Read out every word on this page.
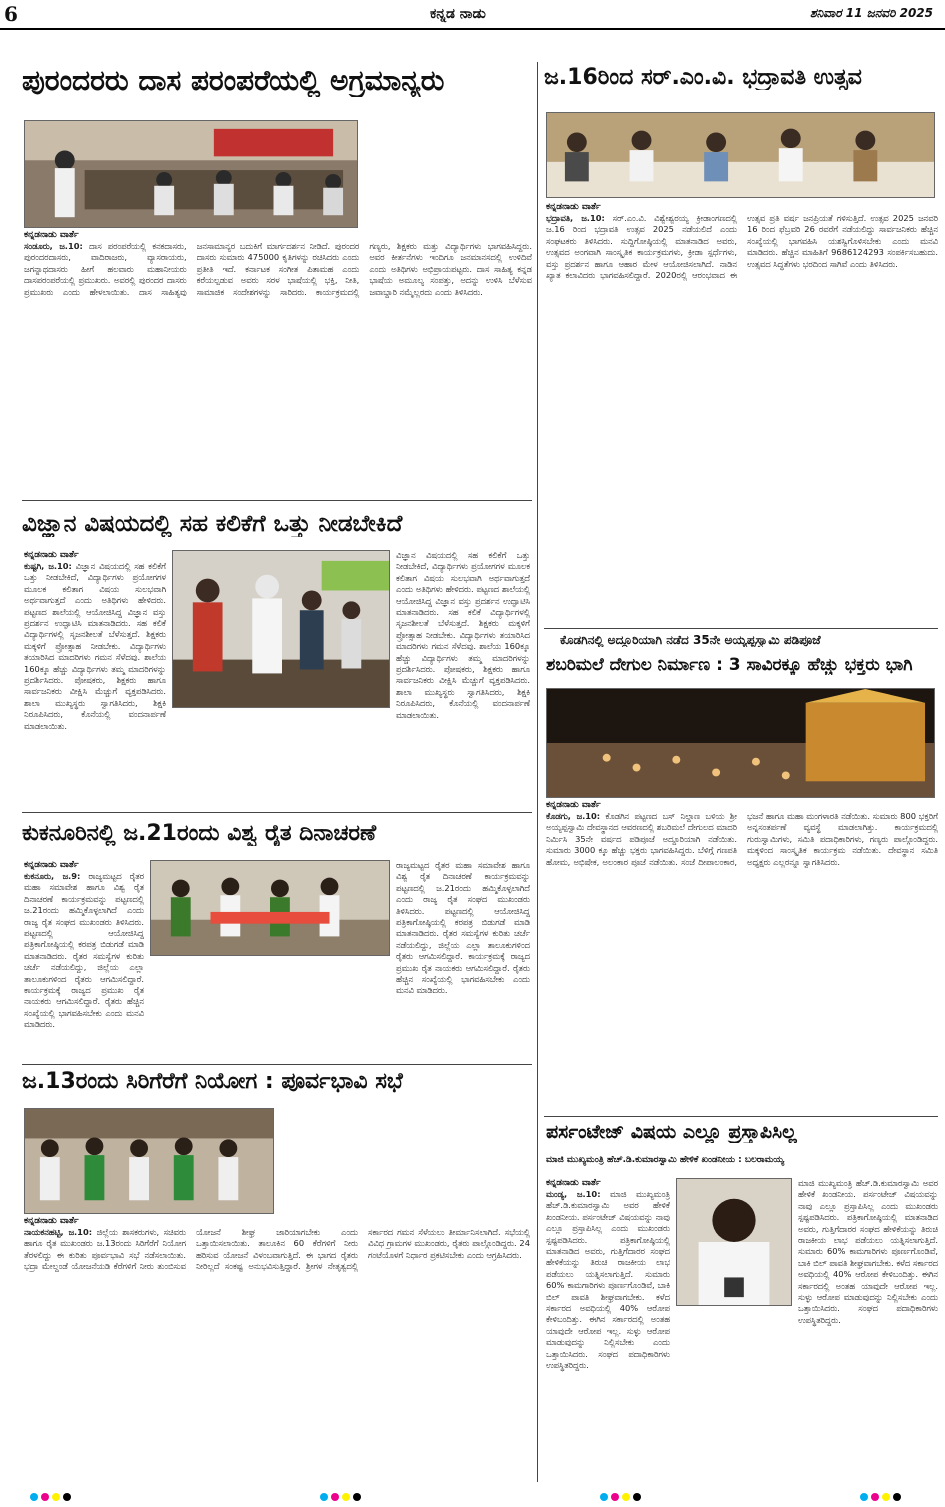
6	ಕನ್ನಡ ನಾಡು	ಶನಿವಾರ 11 ಜನವರಿ 2025
ಪುರಂದರರು ದಾಸ ಪರಂಪರೆಯಲ್ಲಿ ಅಗ್ರಮಾನ್ಯರು
ಕನ್ನಡನಾಡು ವಾರ್ತೆ
ಸಂಡೂರು, ಜ.10: ದಾಸ ಪರಂಪರೆಯಲ್ಲಿ ಕನಕದಾಸರು, ಪುರಂದರದಾಸರು, ವಾದಿರಾಜರು, ವ್ಯಾಸರಾಯರು, ಜಗನ್ನಾಥದಾಸರು ಹೀಗೆ ಹಲವಾರು ಮಹಾನೀಯರು ದಾಸಪರಂಪರೆಯಲ್ಲಿ ಪ್ರಮುಖರು. ಅವರಲ್ಲಿ ಪುರಂದರ ದಾಸರು ಪ್ರಮುಖರು ಎಂದು ಹೇಳಲಾಯಿತು. ದಾಸ ಸಾಹಿತ್ಯವು ಜನಸಾಮಾನ್ಯರ ಬದುಕಿಗೆ ಮಾರ್ಗದರ್ಶನ ನೀಡಿದೆ. ಪುರಂದರ ದಾಸರು ಸುಮಾರು 475000 ಕೃತಿಗಳನ್ನು ರಚಿಸಿದರು ಎಂದು ಪ್ರತೀತಿ ಇದೆ. ಕರ್ನಾಟಕ ಸಂಗೀತ ಪಿತಾಮಹ ಎಂದು ಕರೆಯಲ್ಪಡುವ ಅವರು ಸರಳ ಭಾಷೆಯಲ್ಲಿ ಭಕ್ತಿ, ನೀತಿ, ಸಾಮಾಜಿಕ ಸಂದೇಶಗಳನ್ನು ಸಾರಿದರು. ಕಾರ್ಯಕ್ರಮದಲ್ಲಿ ಗಣ್ಯರು, ಶಿಕ್ಷಕರು ಮತ್ತು ವಿದ್ಯಾರ್ಥಿಗಳು ಭಾಗವಹಿಸಿದ್ದರು. ಅವರ ಕೀರ್ತನೆಗಳು ಇಂದಿಗೂ ಜನಮಾನಸದಲ್ಲಿ ಉಳಿದಿವೆ ಎಂದು ಅತಿಥಿಗಳು ಅಭಿಪ್ರಾಯಪಟ್ಟರು. ದಾಸ ಸಾಹಿತ್ಯ ಕನ್ನಡ ಭಾಷೆಯ ಅಮೂಲ್ಯ ಸಂಪತ್ತು, ಅದನ್ನು ಉಳಿಸಿ ಬೆಳೆಸುವ ಜವಾಬ್ದಾರಿ ನಮ್ಮೆಲ್ಲರದು ಎಂದು ತಿಳಿಸಿದರು.
ಜ.16ರಿಂದ ಸರ್.ಎಂ.ವಿ. ಭದ್ರಾವತಿ ಉತ್ಸವ
ಕನ್ನಡನಾಡು ವಾರ್ತೆ
ಭದ್ರಾವತಿ, ಜ.10: ಸರ್.ಎಂ.ವಿ. ವಿಶ್ವೇಶ್ವರಯ್ಯ ಕ್ರೀಡಾಂಗಣದಲ್ಲಿ ಜ.16 ರಿಂದ ಭದ್ರಾವತಿ ಉತ್ಸವ 2025 ನಡೆಯಲಿದೆ ಎಂದು ಸಂಘಟಕರು ತಿಳಿಸಿದರು. ಸುದ್ದಿಗೋಷ್ಠಿಯಲ್ಲಿ ಮಾತನಾಡಿದ ಅವರು, ಉತ್ಸವದ ಅಂಗವಾಗಿ ಸಾಂಸ್ಕೃತಿಕ ಕಾರ್ಯಕ್ರಮಗಳು, ಕ್ರೀಡಾ ಸ್ಪರ್ಧೆಗಳು, ವಸ್ತು ಪ್ರದರ್ಶನ ಹಾಗೂ ಆಹಾರ ಮೇಳ ಆಯೋಜಿಸಲಾಗಿದೆ. ನಾಡಿನ ಖ್ಯಾತ ಕಲಾವಿದರು ಭಾಗವಹಿಸಲಿದ್ದಾರೆ. 2020ರಲ್ಲಿ ಆರಂಭವಾದ ಈ ಉತ್ಸವ ಪ್ರತಿ ವರ್ಷ ಜನಪ್ರಿಯತೆ ಗಳಿಸುತ್ತಿದೆ. ಉತ್ಸವ 2025 ಜನವರಿ 16 ರಿಂದ ಫೆಬ್ರವರಿ 26 ರವರೆಗೆ ನಡೆಯಲಿದ್ದು ಸಾರ್ವಜನಿಕರು ಹೆಚ್ಚಿನ ಸಂಖ್ಯೆಯಲ್ಲಿ ಭಾಗವಹಿಸಿ ಯಶಸ್ವಿಗೊಳಿಸಬೇಕು ಎಂದು ಮನವಿ ಮಾಡಿದರು. ಹೆಚ್ಚಿನ ಮಾಹಿತಿಗೆ 9686124293 ಸಂಪರ್ಕಿಸಬಹುದು. ಉತ್ಸವದ ಸಿದ್ಧತೆಗಳು ಭರದಿಂದ ಸಾಗಿವೆ ಎಂದು ತಿಳಿಸಿದರು.
ವಿಜ್ಞಾನ ವಿಷಯದಲ್ಲಿ ಸಹ ಕಲಿಕೆಗೆ ಒತ್ತು ನೀಡಬೇಕಿದೆ
ಕನ್ನಡನಾಡು ವಾರ್ತೆ
ಕುಷ್ಟಗಿ, ಜ.10: ವಿಜ್ಞಾನ ವಿಷಯದಲ್ಲಿ ಸಹ ಕಲಿಕೆಗೆ ಒತ್ತು ನೀಡಬೇಕಿದೆ, ವಿದ್ಯಾರ್ಥಿಗಳು ಪ್ರಯೋಗಗಳ ಮೂಲಕ ಕಲಿತಾಗ ವಿಷಯ ಸುಲಭವಾಗಿ ಅರ್ಥವಾಗುತ್ತದೆ ಎಂದು ಅತಿಥಿಗಳು ಹೇಳಿದರು. ಪಟ್ಟಣದ ಶಾಲೆಯಲ್ಲಿ ಆಯೋಜಿಸಿದ್ದ ವಿಜ್ಞಾನ ವಸ್ತು ಪ್ರದರ್ಶನ ಉದ್ಘಾಟಿಸಿ ಮಾತನಾಡಿದರು. ಸಹ ಕಲಿಕೆ ವಿದ್ಯಾರ್ಥಿಗಳಲ್ಲಿ ಸೃಜನಶೀಲತೆ ಬೆಳೆಸುತ್ತದೆ. ಶಿಕ್ಷಕರು ಮಕ್ಕಳಿಗೆ ಪ್ರೋತ್ಸಾಹ ನೀಡಬೇಕು. ವಿದ್ಯಾರ್ಥಿಗಳು ತಯಾರಿಸಿದ ಮಾದರಿಗಳು ಗಮನ ಸೆಳೆದವು. ಶಾಲೆಯ 160ಕ್ಕೂ ಹೆಚ್ಚು ವಿದ್ಯಾರ್ಥಿಗಳು ತಮ್ಮ ಮಾದರಿಗಳನ್ನು ಪ್ರದರ್ಶಿಸಿದರು. ಪೋಷಕರು, ಶಿಕ್ಷಕರು ಹಾಗೂ ಸಾರ್ವಜನಿಕರು ವೀಕ್ಷಿಸಿ ಮೆಚ್ಚುಗೆ ವ್ಯಕ್ತಪಡಿಸಿದರು. ಶಾಲಾ ಮುಖ್ಯಸ್ಥರು ಸ್ವಾಗತಿಸಿದರು, ಶಿಕ್ಷಕಿ ನಿರೂಪಿಸಿದರು, ಕೊನೆಯಲ್ಲಿ ವಂದನಾರ್ಪಣೆ ಮಾಡಲಾಯಿತು.
ವಿಜ್ಞಾನ ವಿಷಯದಲ್ಲಿ ಸಹ ಕಲಿಕೆಗೆ ಒತ್ತು ನೀಡಬೇಕಿದೆ, ವಿದ್ಯಾರ್ಥಿಗಳು ಪ್ರಯೋಗಗಳ ಮೂಲಕ ಕಲಿತಾಗ ವಿಷಯ ಸುಲಭವಾಗಿ ಅರ್ಥವಾಗುತ್ತದೆ ಎಂದು ಅತಿಥಿಗಳು ಹೇಳಿದರು. ಪಟ್ಟಣದ ಶಾಲೆಯಲ್ಲಿ ಆಯೋಜಿಸಿದ್ದ ವಿಜ್ಞಾನ ವಸ್ತು ಪ್ರದರ್ಶನ ಉದ್ಘಾಟಿಸಿ ಮಾತನಾಡಿದರು. ಸಹ ಕಲಿಕೆ ವಿದ್ಯಾರ್ಥಿಗಳಲ್ಲಿ ಸೃಜನಶೀಲತೆ ಬೆಳೆಸುತ್ತದೆ. ಶಿಕ್ಷಕರು ಮಕ್ಕಳಿಗೆ ಪ್ರೋತ್ಸಾಹ ನೀಡಬೇಕು. ವಿದ್ಯಾರ್ಥಿಗಳು ತಯಾರಿಸಿದ ಮಾದರಿಗಳು ಗಮನ ಸೆಳೆದವು. ಶಾಲೆಯ 160ಕ್ಕೂ ಹೆಚ್ಚು ವಿದ್ಯಾರ್ಥಿಗಳು ತಮ್ಮ ಮಾದರಿಗಳನ್ನು ಪ್ರದರ್ಶಿಸಿದರು. ಪೋಷಕರು, ಶಿಕ್ಷಕರು ಹಾಗೂ ಸಾರ್ವಜನಿಕರು ವೀಕ್ಷಿಸಿ ಮೆಚ್ಚುಗೆ ವ್ಯಕ್ತಪಡಿಸಿದರು. ಶಾಲಾ ಮುಖ್ಯಸ್ಥರು ಸ್ವಾಗತಿಸಿದರು, ಶಿಕ್ಷಕಿ ನಿರೂಪಿಸಿದರು, ಕೊನೆಯಲ್ಲಿ ವಂದನಾರ್ಪಣೆ ಮಾಡಲಾಯಿತು.
ಕೊಡಗಿನಲ್ಲಿ ಅದ್ದೂರಿಯಾಗಿ ನಡೆದ 35ನೇ ಅಯ್ಯಪ್ಪಸ್ವಾಮಿ ಪಡಿಪೂಜೆ
ಶಬರಿಮಲೆ ದೇಗುಲ ನಿರ್ಮಾಣ : 3 ಸಾವಿರಕ್ಕೂ ಹೆಚ್ಚು ಭಕ್ತರು ಭಾಗಿ
ಕನ್ನಡನಾಡು ವಾರ್ತೆ
ಕೊಡಗು, ಜ.10: ಕೊಡಗಿನ ಪಟ್ಟಣದ ಬಸ್ ನಿಲ್ದಾಣ ಬಳಿಯ ಶ್ರೀ ಅಯ್ಯಪ್ಪಸ್ವಾಮಿ ದೇವಸ್ಥಾನದ ಆವರಣದಲ್ಲಿ ಶಬರಿಮಲೆ ದೇಗುಲದ ಮಾದರಿ ನಿರ್ಮಿಸಿ 35ನೇ ವರ್ಷದ ಪಡಿಪೂಜೆ ಅದ್ದೂರಿಯಾಗಿ ನಡೆಯಿತು. ಸುಮಾರು 3000 ಕ್ಕೂ ಹೆಚ್ಚು ಭಕ್ತರು ಭಾಗವಹಿಸಿದ್ದರು. ಬೆಳಿಗ್ಗೆ ಗಣಪತಿ ಹೋಮ, ಅಭಿಷೇಕ, ಅಲಂಕಾರ ಪೂಜೆ ನಡೆಯಿತು. ಸಂಜೆ ದೀಪಾಲಂಕಾರ, ಭಜನೆ ಹಾಗೂ ಮಹಾ ಮಂಗಳಾರತಿ ನಡೆಯಿತು. ಸುಮಾರು 800 ಭಕ್ತರಿಗೆ ಅನ್ನಸಂತರ್ಪಣೆ ವ್ಯವಸ್ಥೆ ಮಾಡಲಾಗಿತ್ತು. ಕಾರ್ಯಕ್ರಮದಲ್ಲಿ ಗುರುಸ್ವಾಮಿಗಳು, ಸಮಿತಿ ಪದಾಧಿಕಾರಿಗಳು, ಗಣ್ಯರು ಪಾಲ್ಗೊಂಡಿದ್ದರು. ಮಕ್ಕಳಿಂದ ಸಾಂಸ್ಕೃತಿಕ ಕಾರ್ಯಕ್ರಮ ನಡೆಯಿತು. ದೇವಸ್ಥಾನ ಸಮಿತಿ ಅಧ್ಯಕ್ಷರು ಎಲ್ಲರನ್ನೂ ಸ್ವಾಗತಿಸಿದರು.
ಕುಕನೂರಿನಲ್ಲಿ ಜ.21ರಂದು ವಿಶ್ವ ರೈತ ದಿನಾಚರಣೆ
ಕನ್ನಡನಾಡು ವಾರ್ತೆ
ಕುಕನೂರು, ಜ.9: ರಾಜ್ಯಮಟ್ಟದ ರೈತರ ಮಹಾ ಸಮಾವೇಶ ಹಾಗೂ ವಿಶ್ವ ರೈತ ದಿನಾಚರಣೆ ಕಾರ್ಯಕ್ರಮವನ್ನು ಪಟ್ಟಣದಲ್ಲಿ ಜ.21ರಂದು ಹಮ್ಮಿಕೊಳ್ಳಲಾಗಿದೆ ಎಂದು ರಾಜ್ಯ ರೈತ ಸಂಘದ ಮುಖಂಡರು ತಿಳಿಸಿದರು. ಪಟ್ಟಣದಲ್ಲಿ ಆಯೋಜಿಸಿದ್ದ ಪತ್ರಿಕಾಗೋಷ್ಠಿಯಲ್ಲಿ ಕರಪತ್ರ ಬಿಡುಗಡೆ ಮಾಡಿ ಮಾತನಾಡಿದರು. ರೈತರ ಸಮಸ್ಯೆಗಳ ಕುರಿತು ಚರ್ಚೆ ನಡೆಯಲಿದ್ದು, ಜಿಲ್ಲೆಯ ಎಲ್ಲಾ ತಾಲೂಕುಗಳಿಂದ ರೈತರು ಆಗಮಿಸಲಿದ್ದಾರೆ. ಕಾರ್ಯಕ್ರಮಕ್ಕೆ ರಾಜ್ಯದ ಪ್ರಮುಖ ರೈತ ನಾಯಕರು ಆಗಮಿಸಲಿದ್ದಾರೆ. ರೈತರು ಹೆಚ್ಚಿನ ಸಂಖ್ಯೆಯಲ್ಲಿ ಭಾಗವಹಿಸಬೇಕು ಎಂದು ಮನವಿ ಮಾಡಿದರು.
ರಾಜ್ಯಮಟ್ಟದ ರೈತರ ಮಹಾ ಸಮಾವೇಶ ಹಾಗೂ ವಿಶ್ವ ರೈತ ದಿನಾಚರಣೆ ಕಾರ್ಯಕ್ರಮವನ್ನು ಪಟ್ಟಣದಲ್ಲಿ ಜ.21ರಂದು ಹಮ್ಮಿಕೊಳ್ಳಲಾಗಿದೆ ಎಂದು ರಾಜ್ಯ ರೈತ ಸಂಘದ ಮುಖಂಡರು ತಿಳಿಸಿದರು. ಪಟ್ಟಣದಲ್ಲಿ ಆಯೋಜಿಸಿದ್ದ ಪತ್ರಿಕಾಗೋಷ್ಠಿಯಲ್ಲಿ ಕರಪತ್ರ ಬಿಡುಗಡೆ ಮಾಡಿ ಮಾತನಾಡಿದರು. ರೈತರ ಸಮಸ್ಯೆಗಳ ಕುರಿತು ಚರ್ಚೆ ನಡೆಯಲಿದ್ದು, ಜಿಲ್ಲೆಯ ಎಲ್ಲಾ ತಾಲೂಕುಗಳಿಂದ ರೈತರು ಆಗಮಿಸಲಿದ್ದಾರೆ. ಕಾರ್ಯಕ್ರಮಕ್ಕೆ ರಾಜ್ಯದ ಪ್ರಮುಖ ರೈತ ನಾಯಕರು ಆಗಮಿಸಲಿದ್ದಾರೆ. ರೈತರು ಹೆಚ್ಚಿನ ಸಂಖ್ಯೆಯಲ್ಲಿ ಭಾಗವಹಿಸಬೇಕು ಎಂದು ಮನವಿ ಮಾಡಿದರು.
ಜ.13ರಂದು ಸಿರಿಗೆರೆಗೆ ನಿಯೋಗ : ಪೂರ್ವಭಾವಿ ಸಭೆ
ಕನ್ನಡನಾಡು ವಾರ್ತೆ
ನಾಯಕನಹಟ್ಟಿ, ಜ.10: ಜಿಲ್ಲೆಯ ಶಾಸಕರುಗಳು, ಸಚಿವರು ಹಾಗೂ ರೈತ ಮುಖಂಡರು ಜ.13ರಂದು ಸಿರಿಗೆರೆಗೆ ನಿಯೋಗ ತೆರಳಲಿದ್ದು ಈ ಕುರಿತು ಪೂರ್ವಭಾವಿ ಸಭೆ ನಡೆಸಲಾಯಿತು. ಭದ್ರಾ ಮೇಲ್ದಂಡೆ ಯೋಜನೆಯಡಿ ಕೆರೆಗಳಿಗೆ ನೀರು ತುಂಬಿಸುವ ಯೋಜನೆ ಶೀಘ್ರ ಜಾರಿಯಾಗಬೇಕು ಎಂದು ಒತ್ತಾಯಿಸಲಾಯಿತು. ತಾಲೂಕಿನ 60 ಕೆರೆಗಳಿಗೆ ನೀರು ಹರಿಸುವ ಯೋಜನೆ ವಿಳಂಬವಾಗುತ್ತಿದೆ. ಈ ಭಾಗದ ರೈತರು ನೀರಿಲ್ಲದೆ ಸಂಕಷ್ಟ ಅನುಭವಿಸುತ್ತಿದ್ದಾರೆ. ಶ್ರೀಗಳ ನೇತೃತ್ವದಲ್ಲಿ ಸರ್ಕಾರದ ಗಮನ ಸೆಳೆಯಲು ತೀರ್ಮಾನಿಸಲಾಗಿದೆ. ಸಭೆಯಲ್ಲಿ ವಿವಿಧ ಗ್ರಾಮಗಳ ಮುಖಂಡರು, ರೈತರು ಪಾಲ್ಗೊಂಡಿದ್ದರು. 24 ಗಂಟೆಯೊಳಗೆ ನಿರ್ಧಾರ ಪ್ರಕಟಿಸಬೇಕು ಎಂದು ಆಗ್ರಹಿಸಿದರು.
ಪರ್ಸಂಟೇಜ್ ವಿಷಯ ಎಲ್ಲೂ ಪ್ರಸ್ತಾಪಿಸಿಲ್ಲ
ಮಾಜಿ ಮುಖ್ಯಮಂತ್ರಿ ಹೆಚ್.ಡಿ.ಕುಮಾರಸ್ವಾಮಿ ಹೇಳಿಕೆ ಖಂಡನೀಯ : ಬಲರಾಮಯ್ಯ
ಕನ್ನಡನಾಡು ವಾರ್ತೆ
ಮಂಡ್ಯ, ಜ.10: ಮಾಜಿ ಮುಖ್ಯಮಂತ್ರಿ ಹೆಚ್.ಡಿ.ಕುಮಾರಸ್ವಾಮಿ ಅವರ ಹೇಳಿಕೆ ಖಂಡನೀಯ. ಪರ್ಸಂಟೇಜ್ ವಿಷಯವನ್ನು ನಾವು ಎಲ್ಲೂ ಪ್ರಸ್ತಾಪಿಸಿಲ್ಲ ಎಂದು ಮುಖಂಡರು ಸ್ಪಷ್ಟಪಡಿಸಿದರು. ಪತ್ರಿಕಾಗೋಷ್ಠಿಯಲ್ಲಿ ಮಾತನಾಡಿದ ಅವರು, ಗುತ್ತಿಗೆದಾರರ ಸಂಘದ ಹೇಳಿಕೆಯನ್ನು ತಿರುಚಿ ರಾಜಕೀಯ ಲಾಭ ಪಡೆಯಲು ಯತ್ನಿಸಲಾಗುತ್ತಿದೆ. ಸುಮಾರು 60% ಕಾಮಗಾರಿಗಳು ಪೂರ್ಣಗೊಂಡಿವೆ, ಬಾಕಿ ಬಿಲ್ ಪಾವತಿ ಶೀಘ್ರವಾಗಬೇಕು. ಕಳೆದ ಸರ್ಕಾರದ ಅವಧಿಯಲ್ಲಿ 40% ಆರೋಪ ಕೇಳಿಬಂದಿತ್ತು. ಈಗಿನ ಸರ್ಕಾರದಲ್ಲಿ ಅಂತಹ ಯಾವುದೇ ಆರೋಪ ಇಲ್ಲ. ಸುಳ್ಳು ಆರೋಪ ಮಾಡುವುದನ್ನು ನಿಲ್ಲಿಸಬೇಕು ಎಂದು ಒತ್ತಾಯಿಸಿದರು. ಸಂಘದ ಪದಾಧಿಕಾರಿಗಳು ಉಪಸ್ಥಿತರಿದ್ದರು.
ಮಾಜಿ ಮುಖ್ಯಮಂತ್ರಿ ಹೆಚ್.ಡಿ.ಕುಮಾರಸ್ವಾಮಿ ಅವರ ಹೇಳಿಕೆ ಖಂಡನೀಯ. ಪರ್ಸಂಟೇಜ್ ವಿಷಯವನ್ನು ನಾವು ಎಲ್ಲೂ ಪ್ರಸ್ತಾಪಿಸಿಲ್ಲ ಎಂದು ಮುಖಂಡರು ಸ್ಪಷ್ಟಪಡಿಸಿದರು. ಪತ್ರಿಕಾಗೋಷ್ಠಿಯಲ್ಲಿ ಮಾತನಾಡಿದ ಅವರು, ಗುತ್ತಿಗೆದಾರರ ಸಂಘದ ಹೇಳಿಕೆಯನ್ನು ತಿರುಚಿ ರಾಜಕೀಯ ಲಾಭ ಪಡೆಯಲು ಯತ್ನಿಸಲಾಗುತ್ತಿದೆ. ಸುಮಾರು 60% ಕಾಮಗಾರಿಗಳು ಪೂರ್ಣಗೊಂಡಿವೆ, ಬಾಕಿ ಬಿಲ್ ಪಾವತಿ ಶೀಘ್ರವಾಗಬೇಕು. ಕಳೆದ ಸರ್ಕಾರದ ಅವಧಿಯಲ್ಲಿ 40% ಆರೋಪ ಕೇಳಿಬಂದಿತ್ತು. ಈಗಿನ ಸರ್ಕಾರದಲ್ಲಿ ಅಂತಹ ಯಾವುದೇ ಆರೋಪ ಇಲ್ಲ. ಸುಳ್ಳು ಆರೋಪ ಮಾಡುವುದನ್ನು ನಿಲ್ಲಿಸಬೇಕು ಎಂದು ಒತ್ತಾಯಿಸಿದರು. ಸಂಘದ ಪದಾಧಿಕಾರಿಗಳು ಉಪಸ್ಥಿತರಿದ್ದರು.
